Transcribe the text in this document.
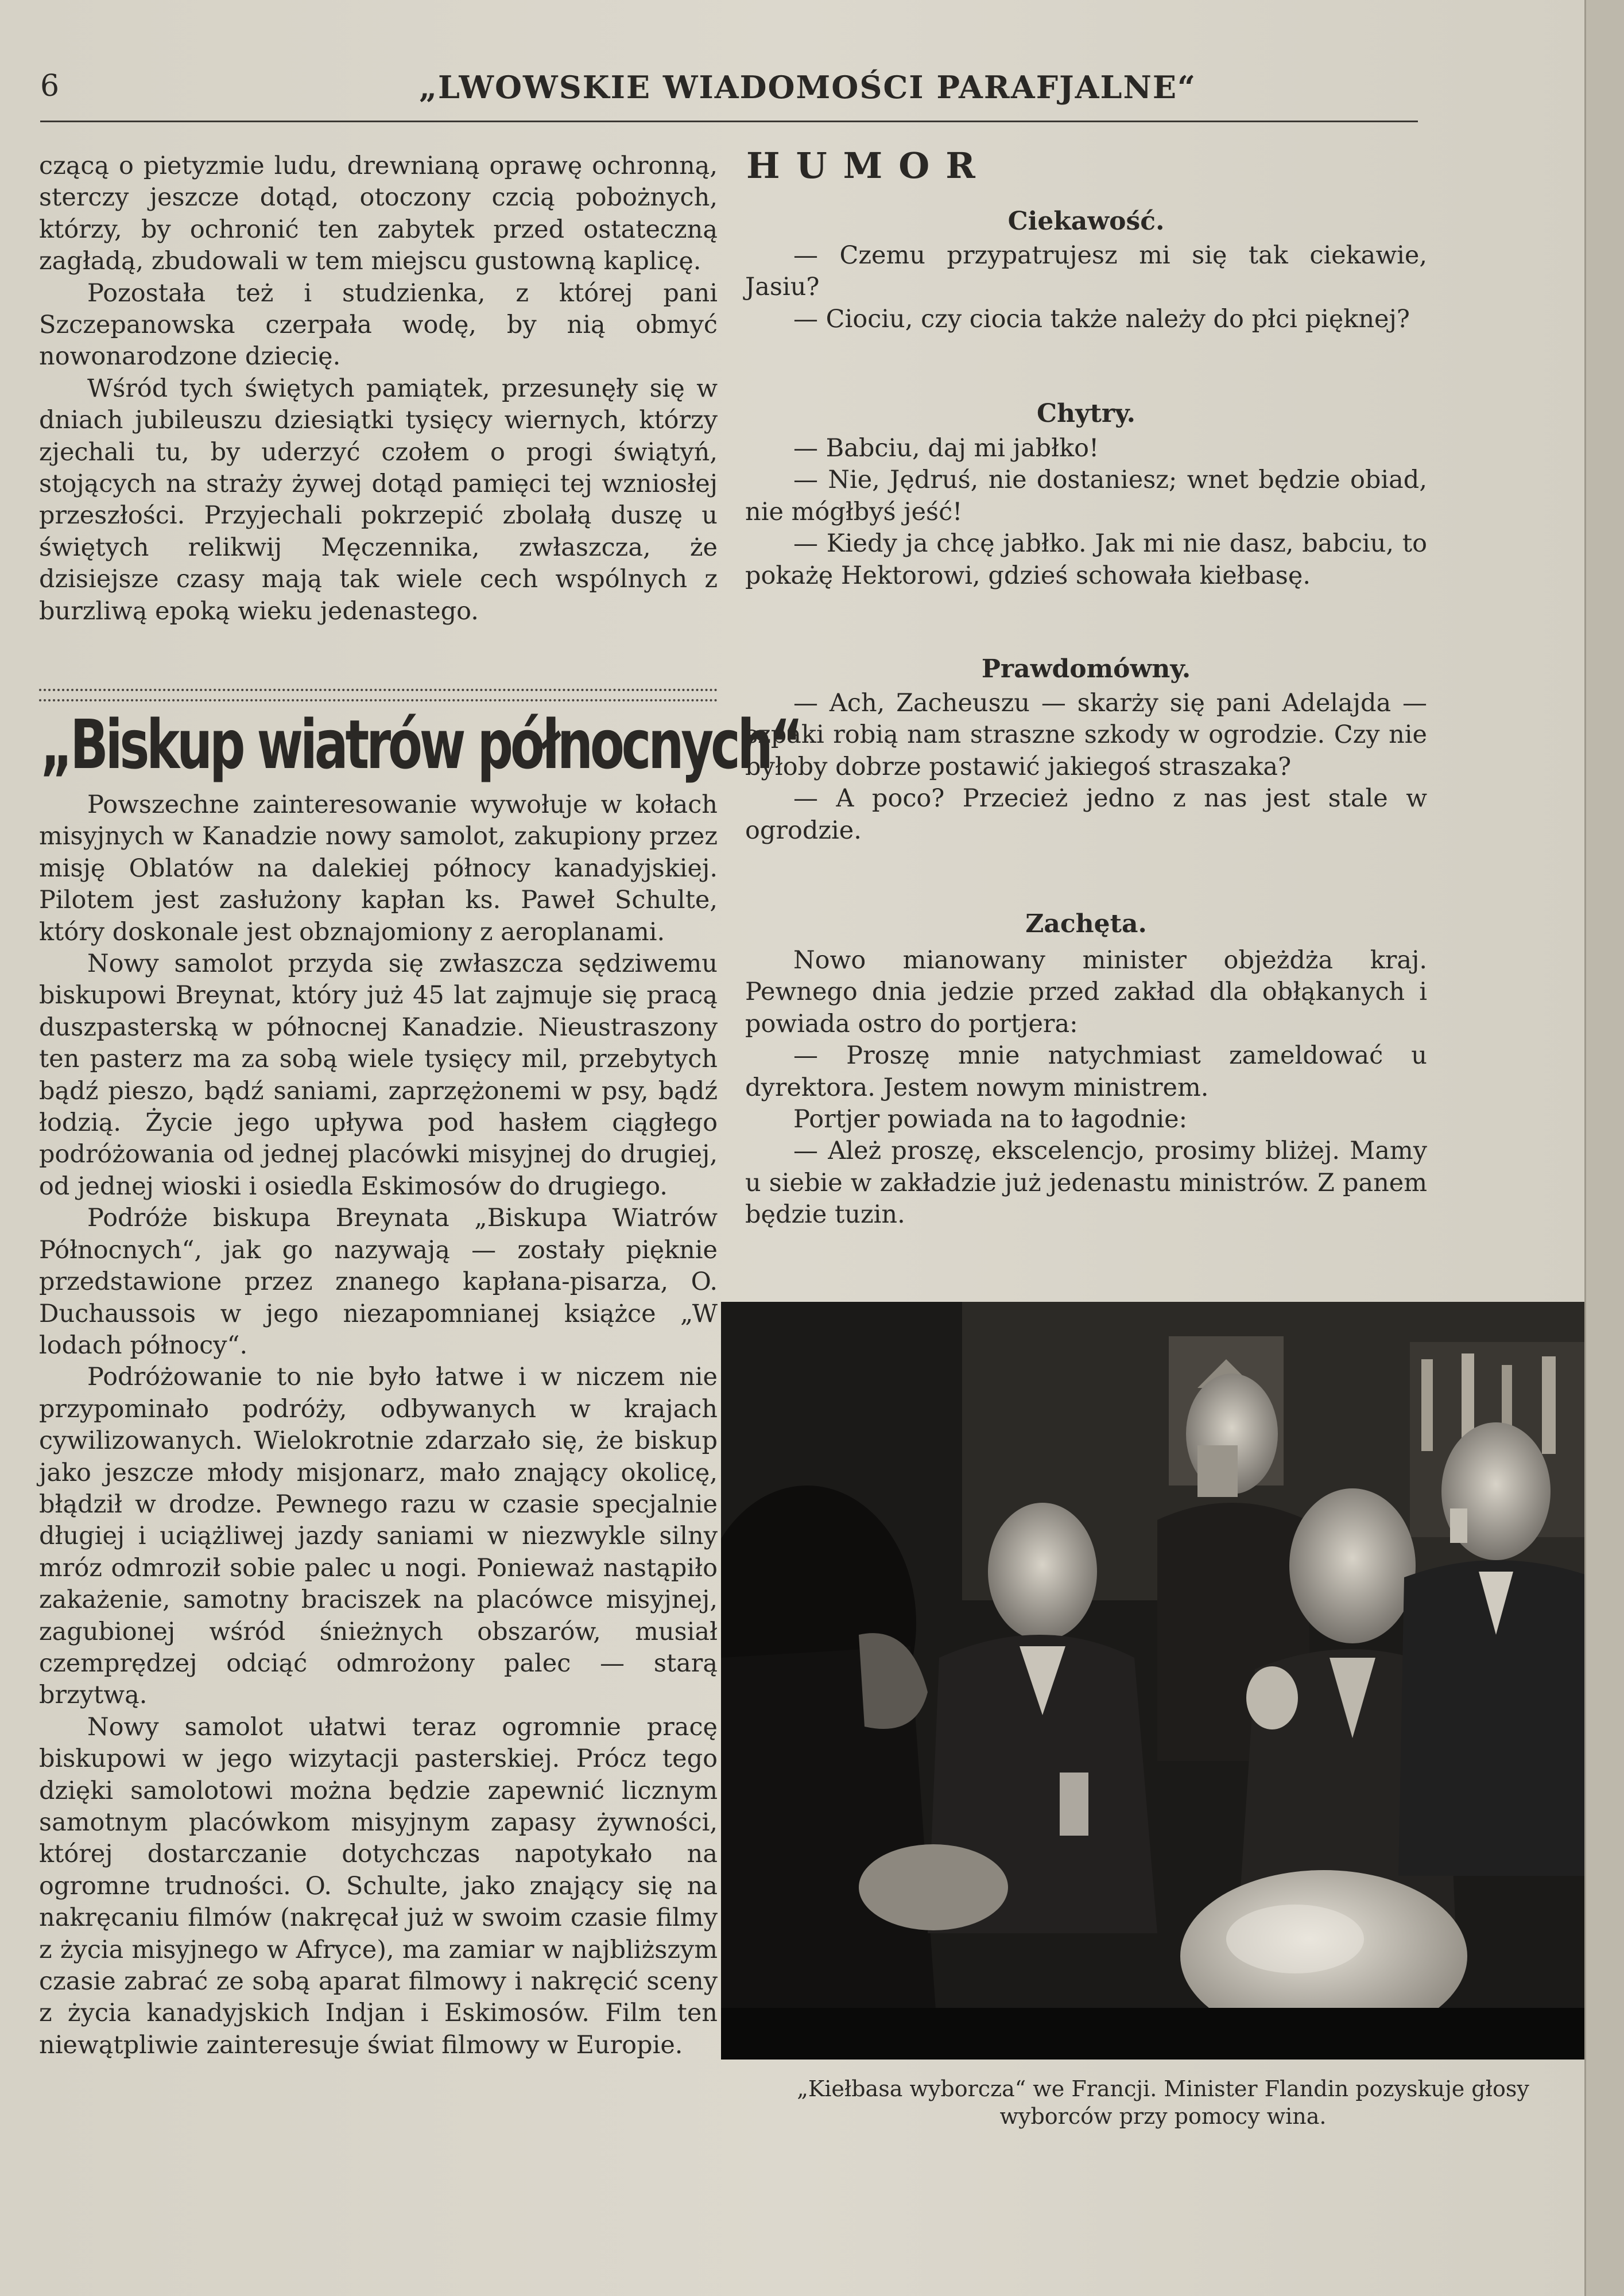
6	„LWOWSKIE WIADOMOŚCI PARAFJALNE“

czącą o pietyzmie ludu, drewnianą oprawę ochronną, sterczy jeszcze dotąd, otoczony czcią pobożnych, którzy, by ochronić ten zabytek przed ostateczną zagładą, zbudowali w tem miejscu gustowną kaplicę.

Pozostała też i studzienka, z której pani Szczepanowska czerpała wodę, by nią obmyć nowonarodzone dziecię.

Wśród tych świętych pamiątek, przesunęły się w dniach jubileuszu dziesiątki tysięcy wiernych, którzy zjechali tu, by uderzyć czołem o progi świątyń, stojących na straży żywej dotąd pamięci tej wzniosłej przeszłości. Przyjechali pokrzepić zbolałą duszę u świętych relikwij Męczennika, zwłaszcza, że dzisiejsze czasy mają tak wiele cech wspólnych z burzliwą epoką wieku jedenastego.

„Biskup wiatrów północnych“

Powszechne zainteresowanie wywołuje w kołach misyjnych w Kanadzie nowy samolot, zakupiony przez misję Oblatów na dalekiej północy kanadyjskiej. Pilotem jest zasłużony kapłan ks. Paweł Schulte, który doskonale jest obznajomiony z aeroplanami.

Nowy samolot przyda się zwłaszcza sędziwemu biskupowi Breynat, który już 45 lat zajmuje się pracą duszpasterską w północnej Kanadzie. Nieustraszony ten pasterz ma za sobą wiele tysięcy mil, przebytych bądź pieszo, bądź saniami, zaprzężonemi w psy, bądź łodzią. Życie jego upływa pod hasłem ciągłego podróżowania od jednej placówki misyjnej do drugiej, od jednej wioski i osiedla Eskimosów do drugiego.

Podróże biskupa Breynata „Biskupa Wiatrów Północnych“, jak go nazywają — zostały pięknie przedstawione przez znanego kapłana-pisarza, O. Duchaussois w jego niezapomnianej książce „W lodach północy“.

Podróżowanie to nie było łatwe i w niczem nie przypominało podróży, odbywanych w krajach cywilizowanych. Wielokrotnie zdarzało się, że biskup jako jeszcze młody misjonarz, mało znający okolicę, błądził w drodze. Pewnego razu w czasie specjalnie długiej i uciążliwej jazdy saniami w niezwykle silny mróz odmroził sobie palec u nogi. Ponieważ nastąpiło zakażenie, samotny braciszek na placówce misyjnej, zagubionej wśród śnieżnych obszarów, musiał czemprędzej odciąć odmrożony palec — starą brzytwą.

Nowy samolot ułatwi teraz ogromnie pracę biskupowi w jego wizytacji pasterskiej. Prócz tego dzięki samolotowi można będzie zapewnić licznym samotnym placówkom misyjnym zapasy żywności, której dostarczanie dotychczas napotykało na ogromne trudności. O. Schulte, jako znający się na nakręcaniu filmów (nakręcał już w swoim czasie filmy z życia misyjnego w Afryce), ma zamiar w najbliższym czasie zabrać ze sobą aparat filmowy i nakręcić sceny z życia kanadyjskich Indjan i Eskimosów. Film ten niewątpliwie zainteresuje świat filmowy w Europie.

HUMOR
Ciekawość.

— Czemu przypatrujesz mi się tak ciekawie, Jasiu?

— Ciociu, czy ciocia także należy do płci pięknej?

Chytry.

— Babciu, daj mi jabłko!

— Nie, Jędruś, nie dostaniesz; wnet będzie obiad, nie mógłbyś jeść!

— Kiedy ja chcę jabłko. Jak mi nie dasz, babciu, to pokażę Hektorowi, gdzieś schowała kiełbasę.

Prawdomówny.

— Ach, Zacheuszu — skarży się pani Adelajda — szpaki robią nam straszne szkody w ogrodzie. Czy nie byłoby dobrze postawić jakiegoś straszaka?

— A poco? Przecież jedno z nas jest stale w ogrodzie.

Zachęta.

Nowo mianowany minister objeżdża kraj. Pewnego dnia jedzie przed zakład dla obłąkanych i powiada ostro do portjera:

— Proszę mnie natychmiast zameldować u dyrektora. Jestem nowym ministrem.

Portjer powiada na to łagodnie:

— Ależ proszę, ekscelencjo, prosimy bliżej. Mamy u siebie w zakładzie już jedenastu ministrów. Z panem będzie tuzin.

„Kiełbasa wyborcza“ we Francji. Minister Flandin pozyskuje głosy wyborców przy pomocy wina.
